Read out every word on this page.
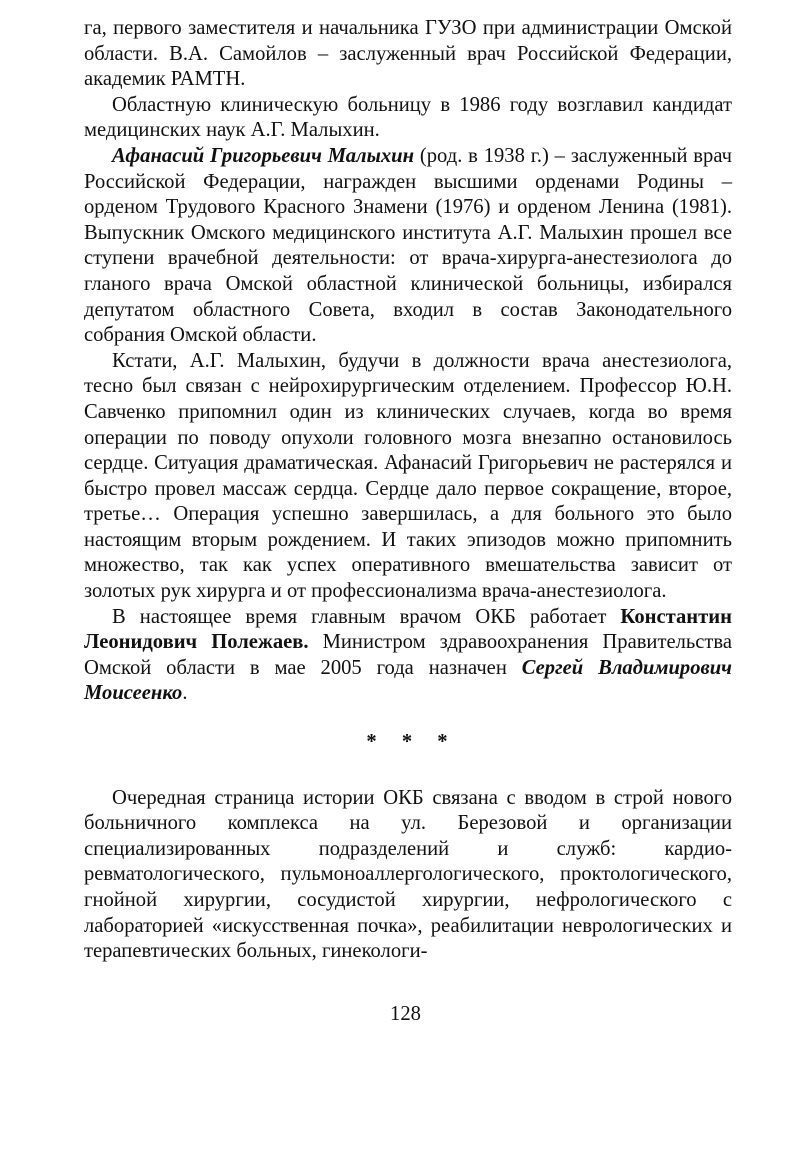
га, первого заместителя и начальника ГУЗО при администрации Омской области. В.А. Самойлов – заслуженный врач Российской Федерации, академик РАМТН.

Областную клиническую больницу в 1986 году возглавил кандидат медицинских наук А.Г. Малыхин.

Афанасий Григорьевич Малыхин (род. в 1938 г.) – заслуженный врач Российской Федерации, награжден высшими орденами Родины – орденом Трудового Красного Знамени (1976) и орденом Ленина (1981). Выпускник Омского медицинского института А.Г. Малыхин прошел все ступени врачебной деятельности: от врача-хирурга-анестезиолога до гланого врача Омской областной клинической больницы, избирался депутатом областного Совета, входил в состав Законодательного собрания Омской области.

Кстати, А.Г. Малыхин, будучи в должности врача анестезиолога, тесно был связан с нейрохирургическим отделением. Профессор Ю.Н. Савченко припомнил один из клинических случаев, когда во время операции по поводу опухоли головного мозга внезапно остановилось сердце. Ситуация драматическая. Афанасий Григорьевич не растерялся и быстро провел массаж сердца. Сердце дало первое сокращение, второе, третье… Операция успешно завершилась, а для больного это было настоящим вторым рождением. И таких эпизодов можно припомнить множество, так как успех оперативного вмешательства зависит от золотых рук хирурга и от профессионализма врача-анестезиолога.

В настоящее время главным врачом ОКБ работает Константин Леонидович Полежаев. Министром здравоохранения Правительства Омской области в мае 2005 года назначен Сергей Владимирович Моисеенко.

* * *

Очередная страница истории ОКБ связана с вводом в строй нового больничного комплекса на ул. Березовой и организации специализированных подразделений и служб: кардио-ревматологического, пульмоноаллергологического, проктологического, гнойной хирургии, сосудистой хирургии, нефрологического с лабораторией «искусственная почка», реабилитации неврологических и терапевтических больных, гинекологи-

128
